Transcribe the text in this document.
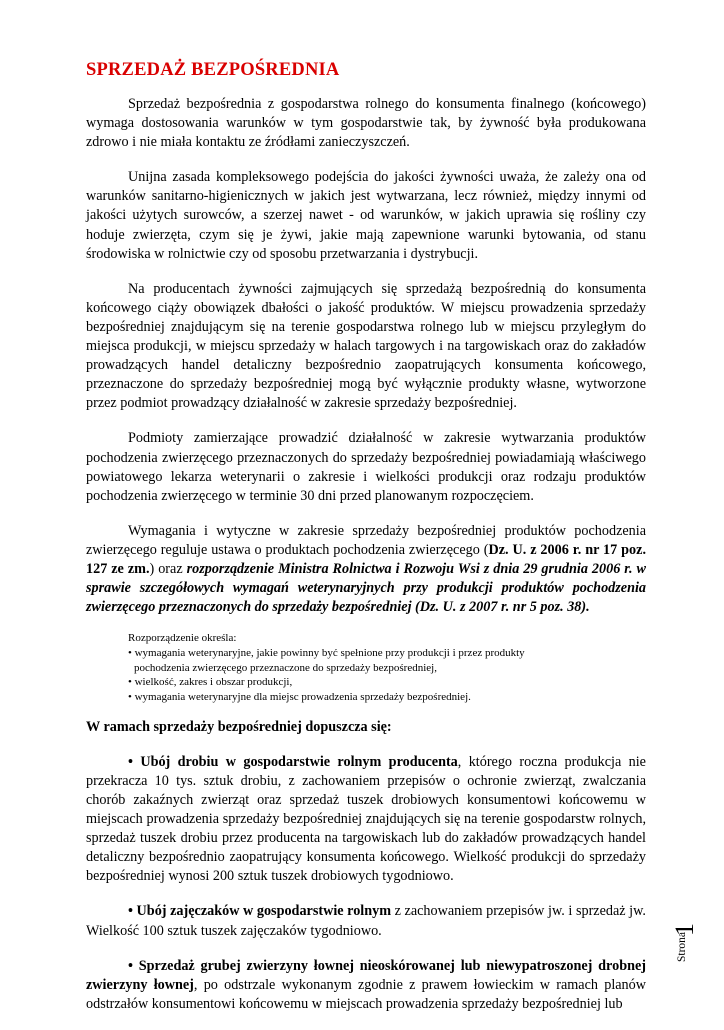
SPRZEDAŻ BEZPOŚREDNIA

Sprzedaż bezpośrednia z gospodarstwa rolnego do konsumenta finalnego (końcowego) wymaga dostosowania warunków w tym gospodarstwie tak, by żywność była produkowana zdrowo i nie miała kontaktu ze źródłami zanieczyszczeń.

Unijna zasada kompleksowego podejścia do jakości żywności uważa, że zależy ona od warunków sanitarno-higienicznych w jakich jest wytwarzana, lecz również, między innymi od jakości użytych surowców, a szerzej nawet - od warunków, w jakich uprawia się rośliny czy hoduje zwierzęta, czym się je żywi, jakie mają zapewnione warunki bytowania, od stanu środowiska w rolnictwie czy od sposobu przetwarzania i dystrybucji.

Na producentach żywności zajmujących się sprzedażą bezpośrednią do konsumenta końcowego ciąży obowiązek dbałości o jakość produktów. W miejscu prowadzenia sprzedaży bezpośredniej znajdującym się na terenie gospodarstwa rolnego lub w miejscu przyległym do miejsca produkcji, w miejscu sprzedaży w halach targowych i na targowiskach oraz do zakładów prowadzących handel detaliczny bezpośrednio zaopatrujących konsumenta końcowego, przeznaczone do sprzedaży bezpośredniej mogą być wyłącznie produkty własne, wytworzone przez podmiot prowadzący działalność w zakresie sprzedaży bezpośredniej.

Podmioty zamierzające prowadzić działalność w zakresie wytwarzania produktów pochodzenia zwierzęcego przeznaczonych do sprzedaży bezpośredniej powiadamiają właściwego powiatowego lekarza weterynarii o zakresie i wielkości produkcji oraz rodzaju produktów pochodzenia zwierzęcego w terminie 30 dni przed planowanym rozpoczęciem.

Wymagania i wytyczne w zakresie sprzedaży bezpośredniej produktów pochodzenia zwierzęcego reguluje ustawa o produktach pochodzenia zwierzęcego (Dz. U. z 2006 r. nr 17 poz. 127 ze zm.) oraz rozporządzenie Ministra Rolnictwa i Rozwoju Wsi z dnia 29 grudnia 2006 r. w sprawie szczegółowych wymagań weterynaryjnych przy produkcji produktów pochodzenia zwierzęcego przeznaczonych do sprzedaży bezpośredniej (Dz. U. z 2007 r. nr 5 poz. 38).

Rozporządzenie określa:
• wymagania weterynaryjne, jakie powinny być spełnione przy produkcji i przez produkty
pochodzenia zwierzęcego przeznaczone do sprzedaży bezpośredniej,
• wielkość, zakres i obszar produkcji,
• wymagania weterynaryjne dla miejsc prowadzenia sprzedaży bezpośredniej.
W ramach sprzedaży bezpośredniej dopuszcza się:

• Ubój drobiu w gospodarstwie rolnym producenta, którego roczna produkcja nie przekracza 10 tys. sztuk drobiu, z zachowaniem przepisów o ochronie zwierząt, zwalczania chorób zakaźnych zwierząt oraz sprzedaż tuszek drobiowych konsumentowi końcowemu w miejscach prowadzenia sprzedaży bezpośredniej znajdujących się na terenie gospodarstw rolnych, sprzedaż tuszek drobiu przez producenta na targowiskach lub do zakładów prowadzących handel detaliczny bezpośrednio zaopatrujący konsumenta końcowego. Wielkość produkcji do sprzedaży bezpośredniej wynosi 200 sztuk tuszek drobiowych tygodniowo.

• Ubój zajęczaków w gospodarstwie rolnym z zachowaniem przepisów jw. i sprzedaż jw. Wielkość 100 sztuk tuszek zajęczaków tygodniowo.

• Sprzedaż grubej zwierzyny łownej nieoskórowanej lub niewypatroszonej drobnej zwierzyny łownej, po odstrzale wykonanym zgodnie z prawem łowieckim w ramach planów odstrzałów konsumentowi końcowemu w miejscach prowadzenia sprzedaży bezpośredniej lub

Strona
1
